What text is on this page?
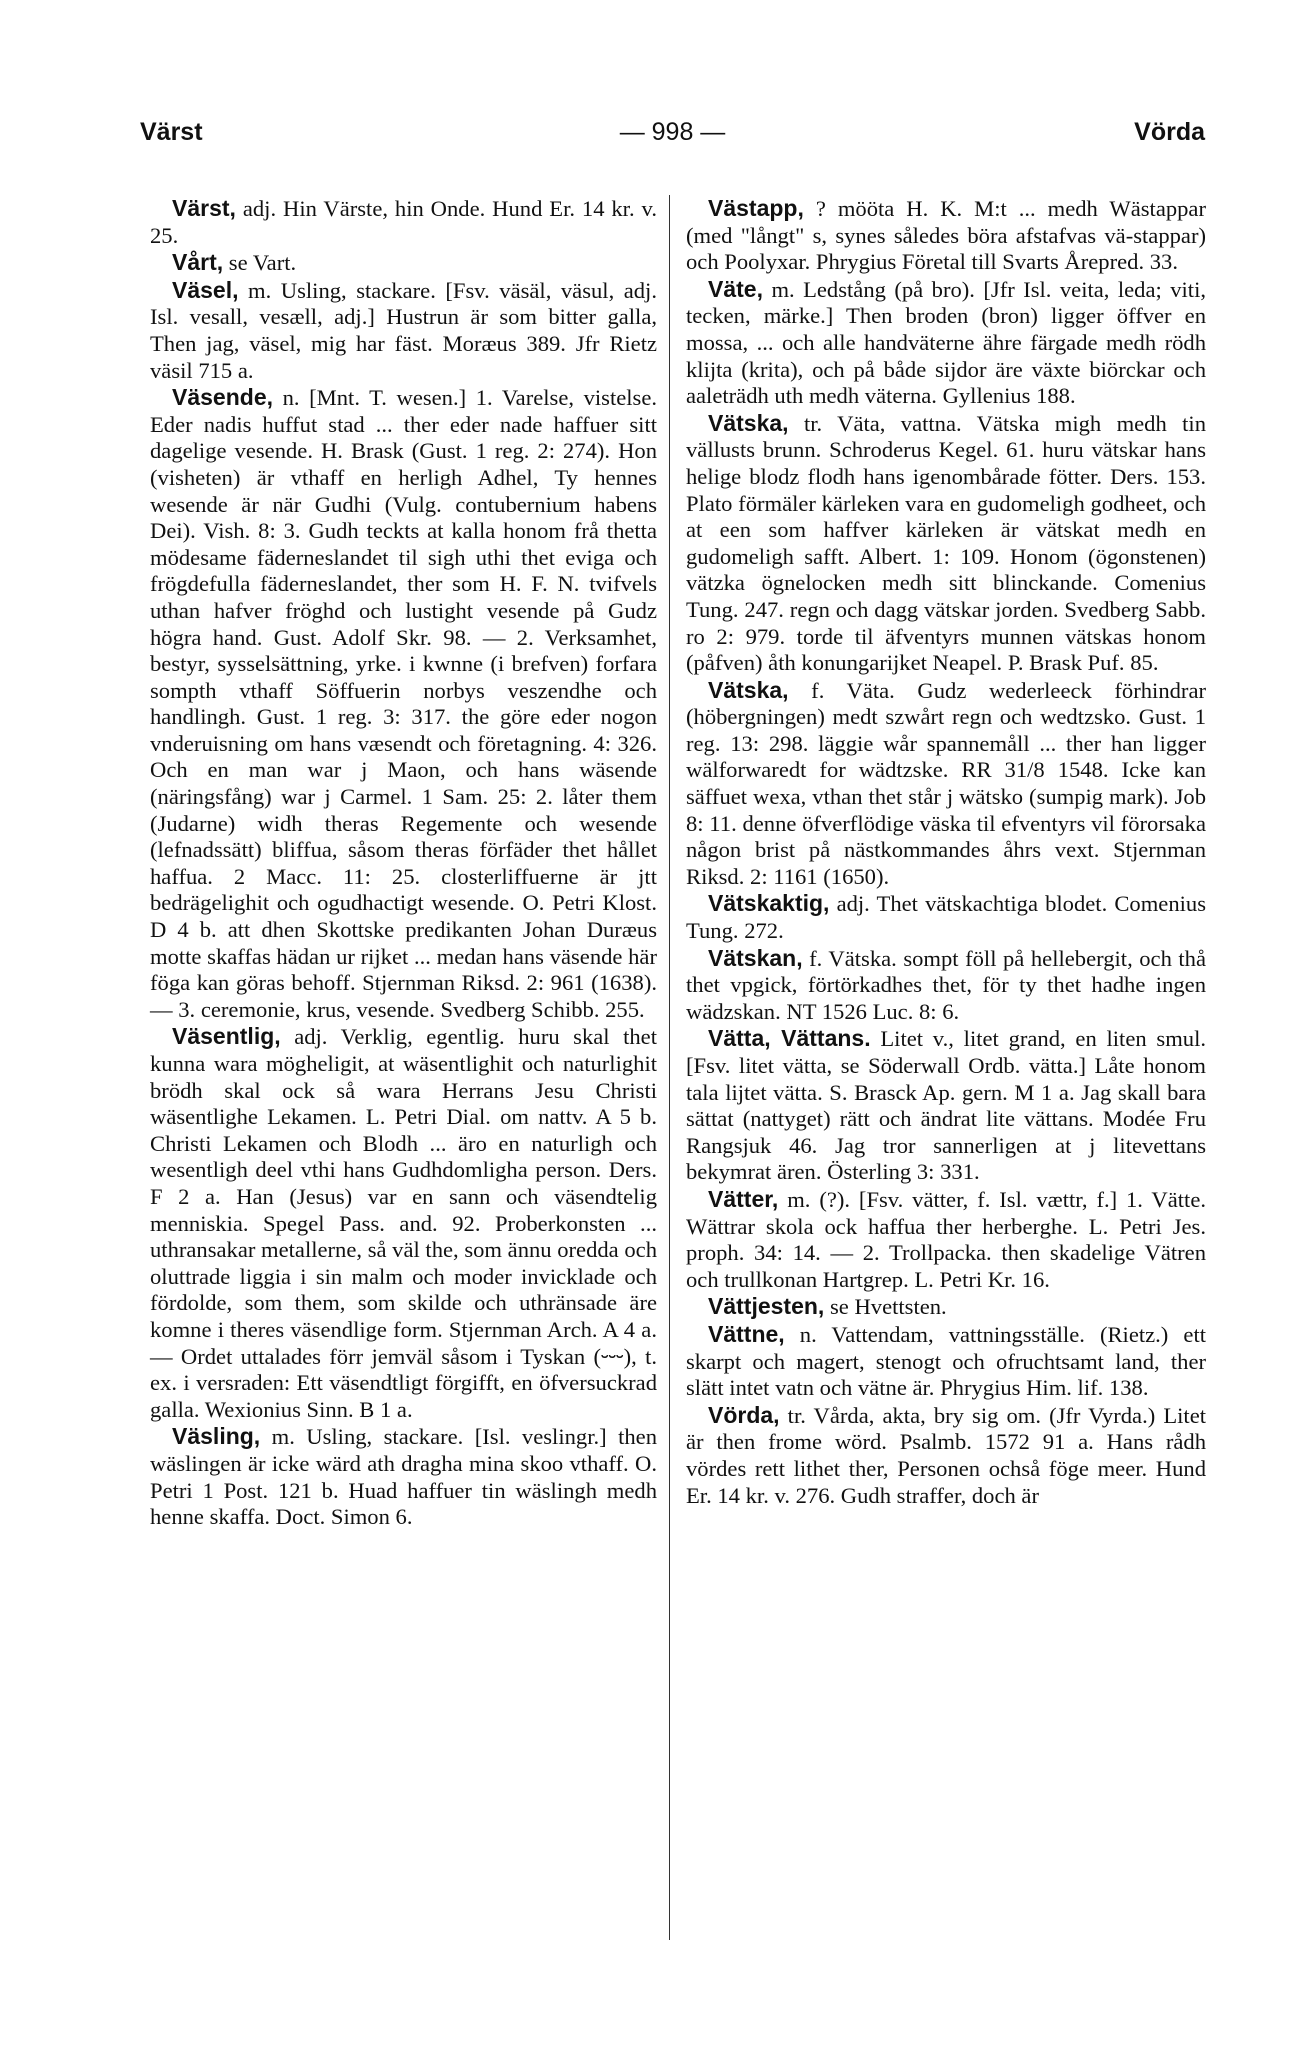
Värst	— 998 —	Vörda

Värst, adj. Hin Värste, hin Onde. Hund Er. 14 kr. v. 25.

Vårt, se Vart.

Väsel, m. Usling, stackare. [Fsv. väsäl, väsul, adj. Isl. vesall, vesæll, adj.] Hustrun är som bitter galla, Then jag, väsel, mig har fäst. Moræus 389. Jfr Rietz väsil 715 a.

Väsende, n. [Mnt. T. wesen.] 1. Varelse, vistelse. Eder nadis huffut stad ... ther eder nade haffuer sitt dagelige vesende. H. Brask (Gust. 1 reg. 2: 274). Hon (visheten) är vthaff en herligh Adhel, Ty hennes wesende är när Gudhi (Vulg. contubernium habens Dei). Vish. 8: 3. Gudh teckts at kalla honom frå thetta mödesame fäderneslandet til sigh uthi thet eviga och frögdefulla fäderneslandet, ther som H. F. N. tvifvels uthan hafver fröghd och lustight vesende på Gudz högra hand. Gust. Adolf Skr. 98. — 2. Verksamhet, bestyr, sysselsättning, yrke. i kwnne (i brefven) forfara sompth vthaff Söffuerin norbys veszendhe och handlingh. Gust. 1 reg. 3: 317. the göre eder nogon vnderuisning om hans væsendt och företagning. 4: 326. Och en man war j Maon, och hans wäsende (näringsfång) war j Carmel. 1 Sam. 25: 2. låter them (Judarne) widh theras Regemente och wesende (lefnadssätt) bliffua, såsom theras förfäder thet hållet haffua. 2 Macc. 11: 25. closterliffuerne är jtt bedrägelighit och ogudhactigt wesende. O. Petri Klost. D 4 b. att dhen Skottske predikanten Johan Duræus motte skaffas hädan ur rijket ... medan hans väsende här föga kan göras behoff. Stjernman Riksd. 2: 961 (1638). — 3. ceremonie, krus, vesende. Svedberg Schibb. 255.

Väsentlig, adj. Verklig, egentlig. huru skal thet kunna wara mögheligit, at wäsentlighit och naturlighit brödh skal ock så wara Herrans Jesu Christi wäsentlighe Lekamen. L. Petri Dial. om nattv. A 5 b. Christi Lekamen och Blodh ... äro en naturligh och wesentligh deel vthi hans Gudhdomligha person. Ders. F 2 a. Han (Jesus) var en sann och väsendtelig menniskia. Spegel Pass. and. 92. Proberkonsten ... uthransakar metallerne, så väl the, som ännu oredda och oluttrade liggia i sin malm och moder invicklade och fördolde, som them, som skilde och uthränsade äre komne i theres väsendlige form. Stjernman Arch. A 4 a. — Ordet uttalades förr jemväl såsom i Tyskan (⏑⏑⏑), t. ex. i versraden: Ett väsendtligt förgifft, en öfversuckrad galla. Wexionius Sinn. B 1 a.

Väsling, m. Usling, stackare. [Isl. veslingr.] then wäslingen är icke wärd ath dragha mina skoo vthaff. O. Petri 1 Post. 121 b. Huad haffuer tin wäslingh medh henne skaffa. Doct. Simon 6.

Västapp, ? mööta H. K. M:t ... medh Wästappar (med "långt" s, synes således böra afstafvas vä-stappar) och Poolyxar. Phrygius Företal till Svarts Årepred. 33.

Väte, m. Ledstång (på bro). [Jfr Isl. veita, leda; viti, tecken, märke.] Then broden (bron) ligger öffver en mossa, ... och alle handväterne ähre färgade medh rödh klijta (krita), och på både sijdor äre växte biörckar och aaleträdh uth medh väterna. Gyllenius 188.

Vätska, tr. Väta, vattna. Vätska migh medh tin vällusts brunn. Schroderus Kegel. 61. huru vätskar hans helige blodz flodh hans igenombårade fötter. Ders. 153. Plato förmäler kärleken vara en gudomeligh godheet, och at een som haffver kärleken är vätskat medh en gudomeligh safft. Albert. 1: 109. Honom (ögonstenen) vätzka ögnelocken medh sitt blinckande. Comenius Tung. 247. regn och dagg vätskar jorden. Svedberg Sabb. ro 2: 979. torde til äfventyrs munnen vätskas honom (påfven) åth konungarijket Neapel. P. Brask Puf. 85.

Vätska, f. Väta. Gudz wederleeck förhindrar (höbergningen) medt szwårt regn och wedtzsko. Gust. 1 reg. 13: 298. läggie wår spannemåll ... ther han ligger wälforwaredt for wädtzske. RR 31/8 1548. Icke kan säffuet wexa, vthan thet står j wätsko (sumpig mark). Job 8: 11. denne öfverflödige väska til efventyrs vil förorsaka någon brist på nästkommandes åhrs vext. Stjernman Riksd. 2: 1161 (1650).

Vätskaktig, adj. Thet vätskachtiga blodet. Comenius Tung. 272.

Vätskan, f. Vätska. sompt föll på hellebergit, och thå thet vpgick, förtörkadhes thet, för ty thet hadhe ingen wädzskan. NT 1526 Luc. 8: 6.

Vätta, Vättans. Litet v., litet grand, en liten smul. [Fsv. litet vätta, se Söderwall Ordb. vätta.] Låte honom tala lijtet vätta. S. Brasck Ap. gern. M 1 a. Jag skall bara sättat (nattyget) rätt och ändrat lite vättans. Modée Fru Rangsjuk 46. Jag tror sannerligen at j litevettans bekymrat ären. Österling 3: 331.

Vätter, m. (?). [Fsv. vätter, f. Isl. vættr, f.] 1. Vätte. Wättrar skola ock haffua ther herberghe. L. Petri Jes. proph. 34: 14. — 2. Trollpacka. then skadelige Vätren och trullkonan Hartgrep. L. Petri Kr. 16.

Vättjesten, se Hvettsten.

Vättne, n. Vattendam, vattningsställe. (Rietz.) ett skarpt och magert, stenogt och ofruchtsamt land, ther slätt intet vatn och vätne är. Phrygius Him. lif. 138.

Vörda, tr. Vårda, akta, bry sig om. (Jfr Vyrda.) Litet är then frome wörd. Psalmb. 1572 91 a. Hans rådh vördes rett lithet ther, Personen ochså föge meer. Hund Er. 14 kr. v. 276. Gudh straffer, doch är
